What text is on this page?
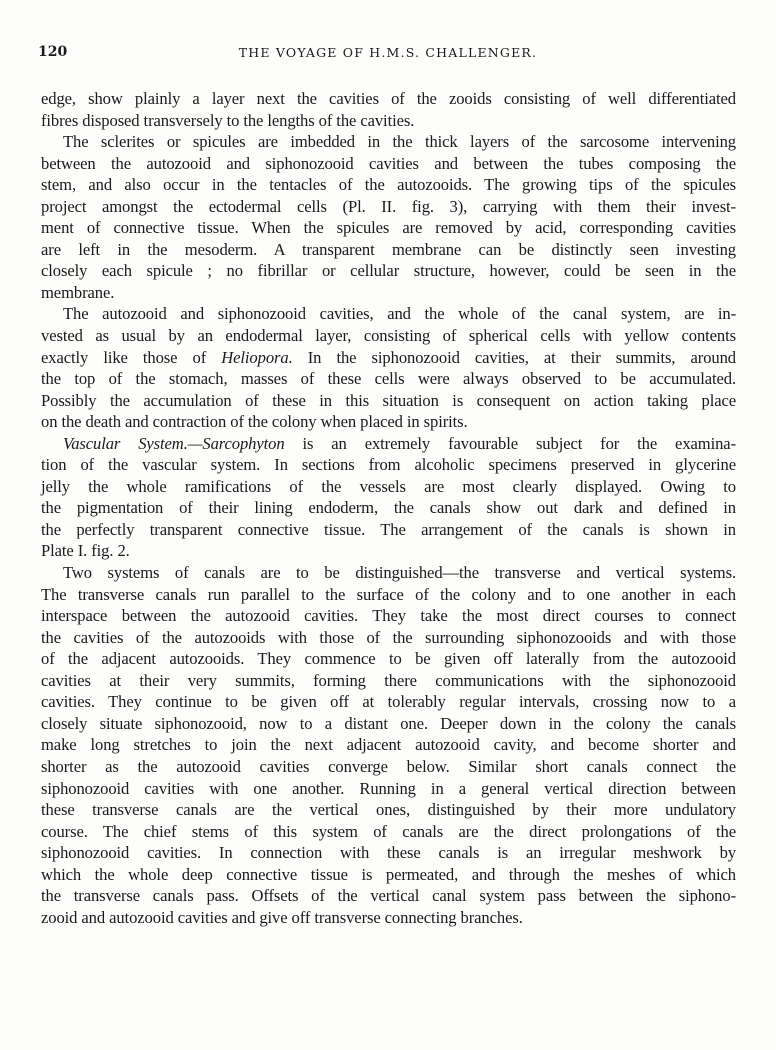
120	THE VOYAGE OF H.M.S. CHALLENGER.
edge, show plainly a layer next the cavities of the zooids consisting of well differentiated
fibres disposed transversely to the lengths of the cavities.
The sclerites or spicules are imbedded in the thick layers of the sarcosome intervening
between the autozooid and siphonozooid cavities and between the tubes composing the
stem, and also occur in the tentacles of the autozooids. The growing tips of the spicules
project amongst the ectodermal cells (Pl. II. fig. 3), carrying with them their invest-
ment of connective tissue. When the spicules are removed by acid, corresponding cavities
are left in the mesoderm. A transparent membrane can be distinctly seen investing
closely each spicule ; no fibrillar or cellular structure, however, could be seen in the
membrane.
The autozooid and siphonozooid cavities, and the whole of the canal system, are in-
vested as usual by an endodermal layer, consisting of spherical cells with yellow contents
exactly like those of Heliopora. In the siphonozooid cavities, at their summits, around
the top of the stomach, masses of these cells were always observed to be accumulated.
Possibly the accumulation of these in this situation is consequent on action taking place
on the death and contraction of the colony when placed in spirits.
Vascular System.—Sarcophyton is an extremely favourable subject for the examina-
tion of the vascular system. In sections from alcoholic specimens preserved in glycerine
jelly the whole ramifications of the vessels are most clearly displayed. Owing to
the pigmentation of their lining endoderm, the canals show out dark and defined in
the perfectly transparent connective tissue. The arrangement of the canals is shown in
Plate I. fig. 2.
Two systems of canals are to be distinguished—the transverse and vertical systems.
The transverse canals run parallel to the surface of the colony and to one another in each
interspace between the autozooid cavities. They take the most direct courses to connect
the cavities of the autozooids with those of the surrounding siphonozooids and with those
of the adjacent autozooids. They commence to be given off laterally from the autozooid
cavities at their very summits, forming there communications with the siphonozooid
cavities. They continue to be given off at tolerably regular intervals, crossing now to a
closely situate siphonozooid, now to a distant one. Deeper down in the colony the canals
make long stretches to join the next adjacent autozooid cavity, and become shorter and
shorter as the autozooid cavities converge below. Similar short canals connect the
siphonozooid cavities with one another. Running in a general vertical direction between
these transverse canals are the vertical ones, distinguished by their more undulatory
course. The chief stems of this system of canals are the direct prolongations of the
siphonozooid cavities. In connection with these canals is an irregular meshwork by
which the whole deep connective tissue is permeated, and through the meshes of which
the transverse canals pass. Offsets of the vertical canal system pass between the siphono-
zooid and autozooid cavities and give off transverse connecting branches.
